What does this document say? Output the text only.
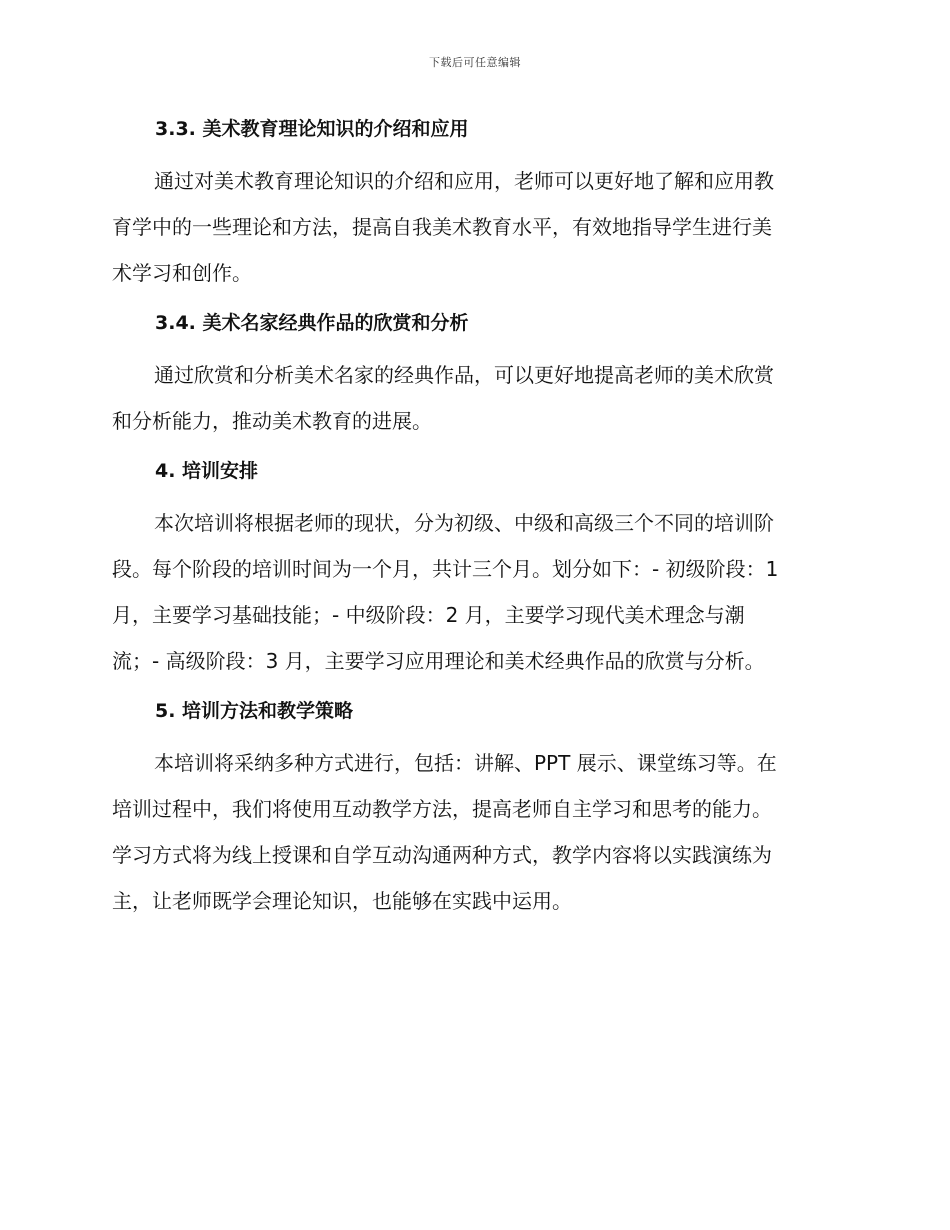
下载后可任意编辑
3.3. 美术教育理论知识的介绍和应用
通过对美术教育理论知识的介绍和应用，老师可以更好地了解和应用教
育学中的一些理论和方法，提高自我美术教育水平，有效地指导学生进行美
术学习和创作。
3.4. 美术名家经典作品的欣赏和分析
通过欣赏和分析美术名家的经典作品，可以更好地提高老师的美术欣赏
和分析能力，推动美术教育的进展。
4. 培训安排
本次培训将根据老师的现状，分为初级、中级和高级三个不同的培训阶
段。每个阶段的培训时间为一个月，共计三个月。划分如下：- 初级阶段：1
月，主要学习基础技能；- 中级阶段：2 月，主要学习现代美术理念与潮
流；- 高级阶段：3 月，主要学习应用理论和美术经典作品的欣赏与分析。
5. 培训方法和教学策略
本培训将采纳多种方式进行，包括：讲解、PPT 展示、课堂练习等。在
培训过程中，我们将使用互动教学方法，提高老师自主学习和思考的能力。
学习方式将为线上授课和自学互动沟通两种方式，教学内容将以实践演练为
主，让老师既学会理论知识，也能够在实践中运用。
